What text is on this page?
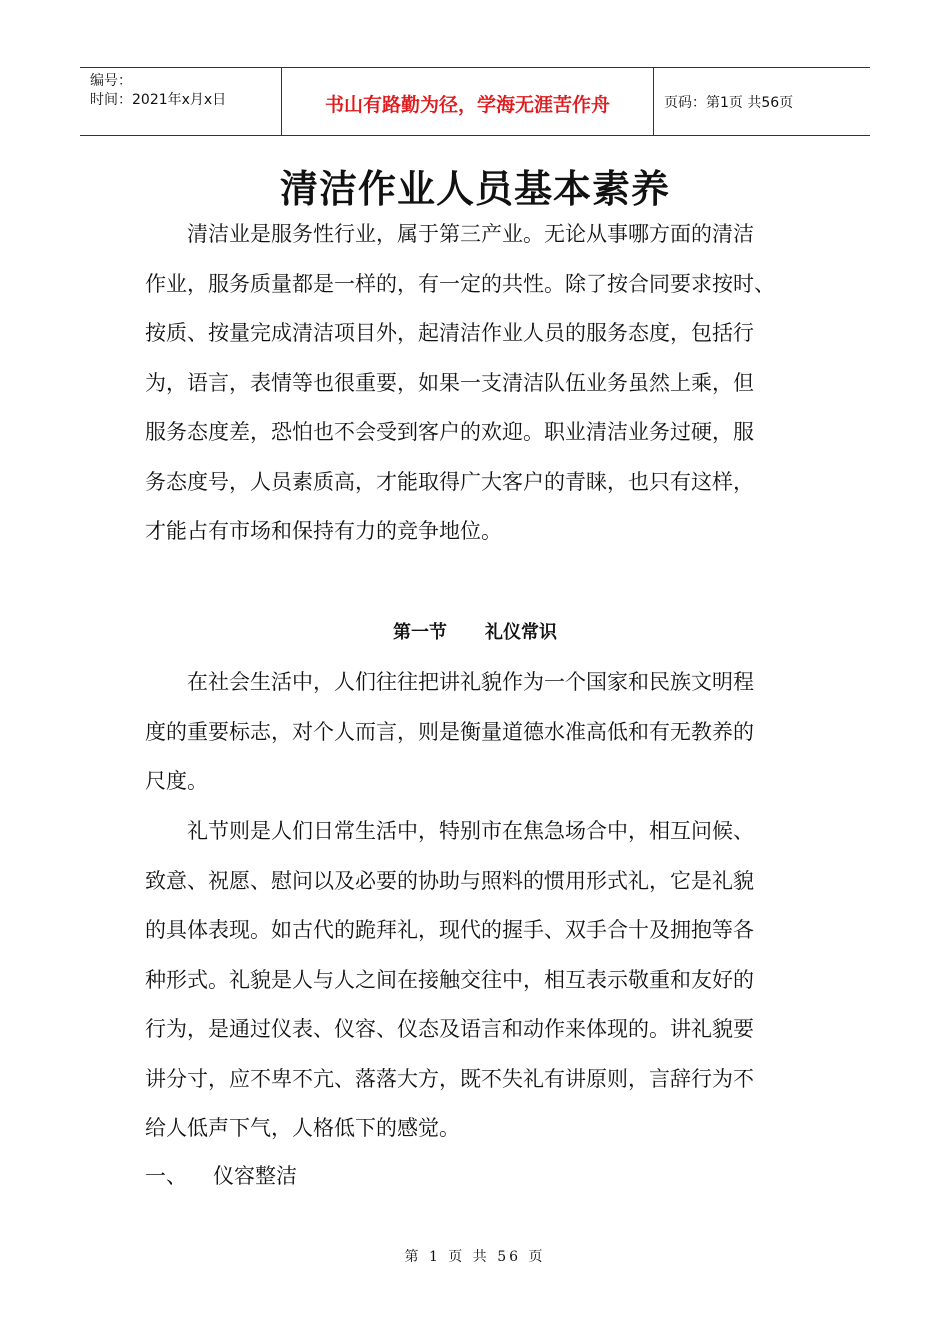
编号：
时间：2021年x月x日	书山有路勤为径，学海无涯苦作舟	页码：第1页 共56页
清洁作业人员基本素养
　　清洁业是服务性行业，属于第三产业。无论从事哪方面的清洁
作业，服务质量都是一样的，有一定的共性。除了按合同要求按时、
按质、按量完成清洁项目外，起清洁作业人员的服务态度，包括行
为，语言，表情等也很重要，如果一支清洁队伍业务虽然上乘，但
服务态度差，恐怕也不会受到客户的欢迎。职业清洁业务过硬，服
务态度号，人员素质高，才能取得广大客户的青睐，也只有这样，
才能占有市场和保持有力的竞争地位。
第一节 礼仪常识
　　在社会生活中，人们往往把讲礼貌作为一个国家和民族文明程
度的重要标志，对个人而言，则是衡量道德水准高低和有无教养的
尺度。
　　礼节则是人们日常生活中，特别市在焦急场合中，相互问候、
致意、祝愿、慰问以及必要的协助与照料的惯用形式礼，它是礼貌
的具体表现。如古代的跪拜礼，现代的握手、双手合十及拥抱等各
种形式。礼貌是人与人之间在接触交往中，相互表示敬重和友好的
行为，是通过仪表、仪容、仪态及语言和动作来体现的。讲礼貌要
讲分寸，应不卑不亢、落落大方，既不失礼有讲原则，言辞行为不
给人低声下气，人格低下的感觉。
一、 仪容整洁
第 1 页 共 56 页
